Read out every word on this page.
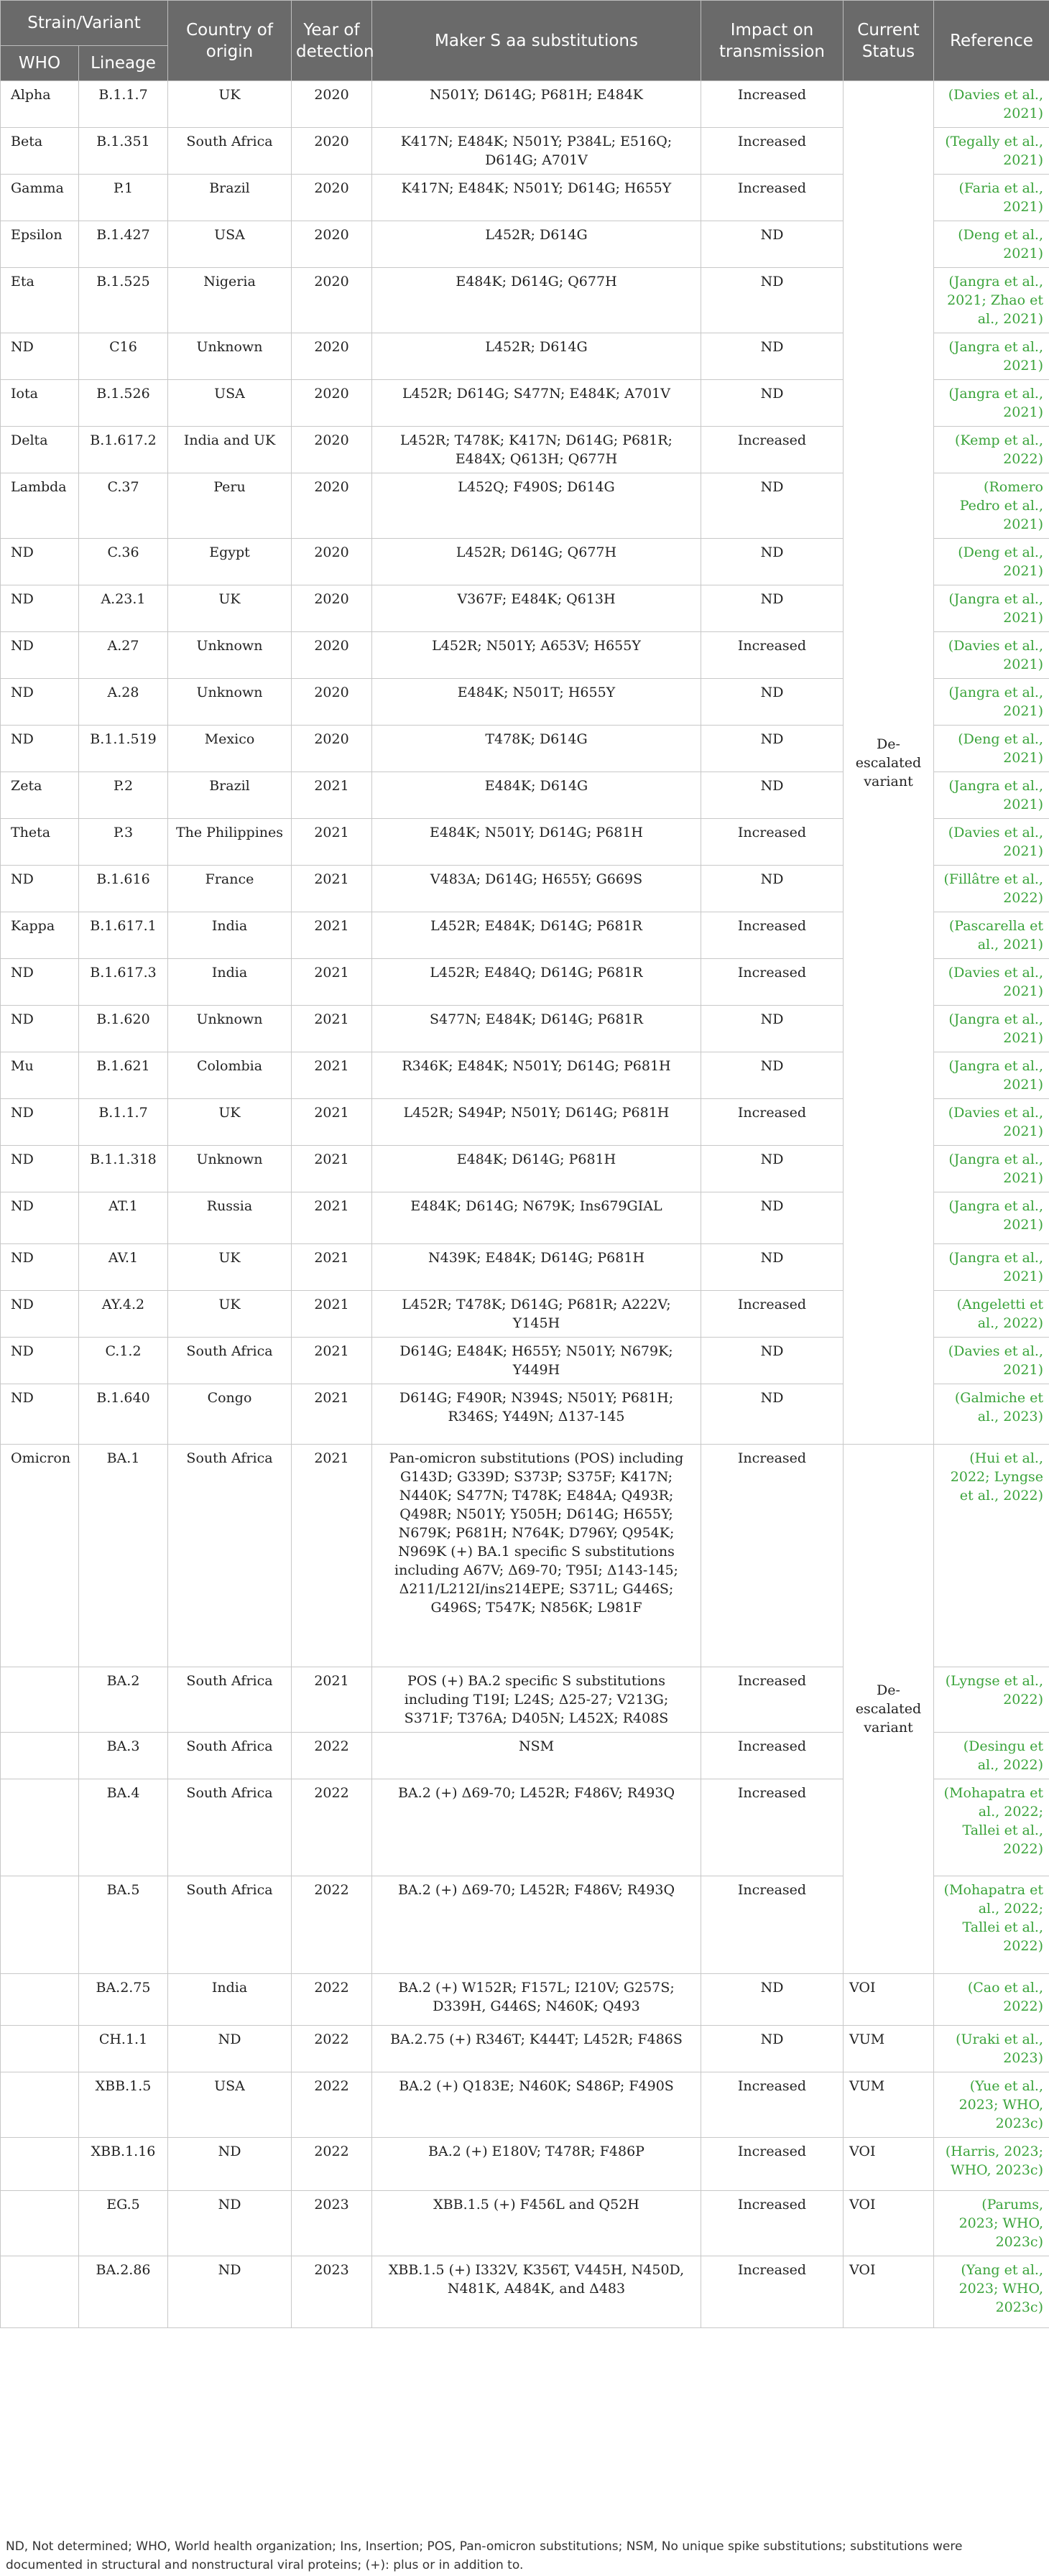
Strain/Variant		Country of origin	Year of detection	Maker S aa substitutions	Impact on transmission	Current Status	Reference
WHO	Lineage						
Alpha	B.1.1.7	UK	2020	N501Y; D614G; P681H; E484K	Increased	De-escalated variant	(Davies et al., 2021)
Beta	B.1.351	South Africa	2020	K417N; E484K; N501Y; P384L; E516Q; D614G; A701V	Increased		(Tegally et al., 2021)
Gamma	P.1	Brazil	2020	K417N; E484K; N501Y; D614G; H655Y	Increased		(Faria et al., 2021)
Epsilon	B.1.427	USA	2020	L452R; D614G	ND		(Deng et al., 2021)
Eta	B.1.525	Nigeria	2020	E484K; D614G; Q677H	ND		(Jangra et al., 2021; Zhao et al., 2021)
ND	C16	Unknown	2020	L452R; D614G	ND		(Jangra et al., 2021)
Iota	B.1.526	USA	2020	L452R; D614G; S477N; E484K; A701V	ND		(Jangra et al., 2021)
Delta	B.1.617.2	India and UK	2020	L452R; T478K; K417N; D614G; P681R; E484X; Q613H; Q677H	Increased		(Kemp et al., 2022)
Lambda	C.37	Peru	2020	L452Q; F490S; D614G	ND		(Romero Pedro et al., 2021)
ND	C.36	Egypt	2020	L452R; D614G; Q677H	ND		(Deng et al., 2021)
ND	A.23.1	UK	2020	V367F; E484K; Q613H	ND		(Jangra et al., 2021)
ND	A.27	Unknown	2020	L452R; N501Y; A653V; H655Y	Increased		(Davies et al., 2021)
ND	A.28	Unknown	2020	E484K; N501T; H655Y	ND		(Jangra et al., 2021)
ND	B.1.1.519	Mexico	2020	T478K; D614G	ND		(Deng et al., 2021)
Zeta	P.2	Brazil	2021	E484K; D614G	ND		(Jangra et al., 2021)
Theta	P.3	The Philippines	2021	E484K; N501Y; D614G; P681H	Increased		(Davies et al., 2021)
ND	B.1.616	France	2021	V483A; D614G; H655Y; G669S	ND		(Fillâtre et al., 2022)
Kappa	B.1.617.1	India	2021	L452R; E484K; D614G; P681R	Increased		(Pascarella et al., 2021)
ND	B.1.617.3	India	2021	L452R; E484Q; D614G; P681R	Increased		(Davies et al., 2021)
ND	B.1.620	Unknown	2021	S477N; E484K; D614G; P681R	ND		(Jangra et al., 2021)
Mu	B.1.621	Colombia	2021	R346K; E484K; N501Y; D614G; P681H	ND		(Jangra et al., 2021)
ND	B.1.1.7	UK	2021	L452R; S494P; N501Y; D614G; P681H	Increased		(Davies et al., 2021)
ND	B.1.1.318	Unknown	2021	E484K; D614G; P681H	ND		(Jangra et al., 2021)
ND	AT.1	Russia	2021	E484K; D614G; N679K; Ins679GIAL	ND		(Jangra et al., 2021)
ND	AV.1	UK	2021	N439K; E484K; D614G; P681H	ND		(Jangra et al., 2021)
ND	AY.4.2	UK	2021	L452R; T478K; D614G; P681R; A222V; Y145H	Increased		(Angeletti et al., 2022)
ND	C.1.2	South Africa	2021	D614G; E484K; H655Y; N501Y; N679K; Y449H	ND		(Davies et al., 2021)
ND	B.1.640	Congo	2021	D614G; F490R; N394S; N501Y; P681H; R346S; Y449N; Δ137-145	ND		(Galmiche et al., 2023)
Omicron	BA.1	South Africa	2021	Pan-omicron substitutions (POS) including G143D; G339D; S373P; S375F; K417N; N440K; S477N; T478K; E484A; Q493R; Q498R; N501Y; Y505H; D614G; H655Y; N679K; P681H; N764K; D796Y; Q954K; N969K (+) BA.1 specific S substitutions including A67V; Δ69-70; T95I; Δ143-145; Δ211/L212I/ins214EPE; S371L; G446S; G496S; T547K; N856K; L981F	Increased	De-escalated variant	(Hui et al., 2022; Lyngse et al., 2022)
	BA.2	South Africa	2021	POS (+) BA.2 specific S substitutions including T19I; L24S; Δ25-27; V213G; S371F; T376A; D405N; L452X; R408S	Increased		(Lyngse et al., 2022)
	BA.3	South Africa	2022	NSM	Increased		(Desingu et al., 2022)
	BA.4	South Africa	2022	BA.2 (+) Δ69-70; L452R; F486V; R493Q	Increased		(Mohapatra et al., 2022; Tallei et al., 2022)
	BA.5	South Africa	2022	BA.2 (+) Δ69-70; L452R; F486V; R493Q	Increased		(Mohapatra et al., 2022; Tallei et al., 2022)
	BA.2.75	India	2022	BA.2 (+) W152R; F157L; I210V; G257S; D339H, G446S; N460K; Q493	ND	VOI	(Cao et al., 2022)
	CH.1.1	ND	2022	BA.2.75 (+) R346T; K444T; L452R; F486S	ND	VUM	(Uraki et al., 2023)
	XBB.1.5	USA	2022	BA.2 (+) Q183E; N460K; S486P; F490S	Increased	VUM	(Yue et al., 2023; WHO, 2023c)
	XBB.1.16	ND	2022	BA.2 (+) E180V; T478R; F486P	Increased	VOI	(Harris, 2023; WHO, 2023c)
	EG.5	ND	2023	XBB.1.5 (+) F456L and Q52H	Increased	VOI	(Parums, 2023; WHO, 2023c)
	BA.2.86	ND	2023	XBB.1.5 (+) I332V, K356T, V445H, N450D, N481K, A484K, and Δ483	Increased	VOI	(Yang et al., 2023; WHO, 2023c)
ND, Not determined; WHO, World health organization; Ins, Insertion; POS, Pan-omicron substitutions; NSM, No unique spike substitutions; substitutions were documented in structural and nonstructural viral proteins; (+): plus or in addition to.
